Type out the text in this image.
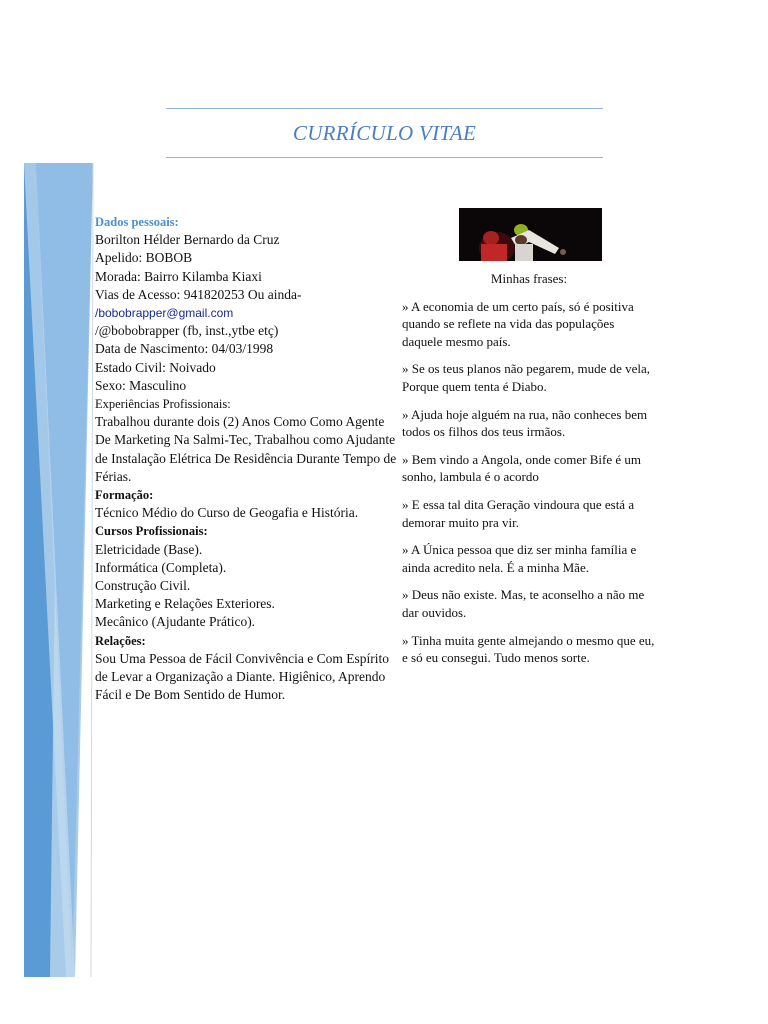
CURRÍCULO VITAE
Dados pessoais:
Borilton Hélder Bernardo da Cruz
Apelido: BOBOB
Morada: Bairro Kilamba Kiaxi
Vias de Acesso: 941820253 Ou ainda-
/bobobrapper@gmail.com
/@bobobrapper (fb, inst.,ytbe etç)
Data de Nascimento: 04/03/1998
Estado Civil: Noivado
Sexo: Masculino
Experiências Profissionais:
Trabalhou durante dois (2) Anos Como Como Agente De Marketing Na Salmi-Tec, Trabalhou como Ajudante de Instalação Elétrica De Residência Durante Tempo de Férias.
Formação:
Técnico Médio do Curso de Geogafia e História.
Cursos Profissionais:
Eletricidade (Base).
Informática (Completa).
Construção Civil.
Marketing e Relações Exteriores.
Mecânico (Ajudante Prático).
Relações:
Sou Uma Pessoa de Fácil Convivência e Com Espírito de Levar a Organização a Diante. Higiênico, Aprendo Fácil e De Bom Sentido de Humor.
Minhas frases:
» A economia de um certo país, só é positiva quando se reflete na vida das populações daquele mesmo país.
» Se os teus planos não pegarem, mude de vela, Porque quem tenta é Diabo.
» Ajuda hoje alguém na rua, não conheces bem todos os filhos dos teus irmãos.
» Bem vindo a Angola, onde comer Bife é um sonho, lambula é o acordo
» E essa tal dita Geração vindoura que está a demorar muito pra vir.
» A Única pessoa que diz ser minha família e ainda acredito nela. É a minha Mãe.
» Deus não existe. Mas, te aconselho a não me dar ouvidos.
» Tinha muita gente almejando o mesmo que eu, e só eu consegui. Tudo menos sorte.
